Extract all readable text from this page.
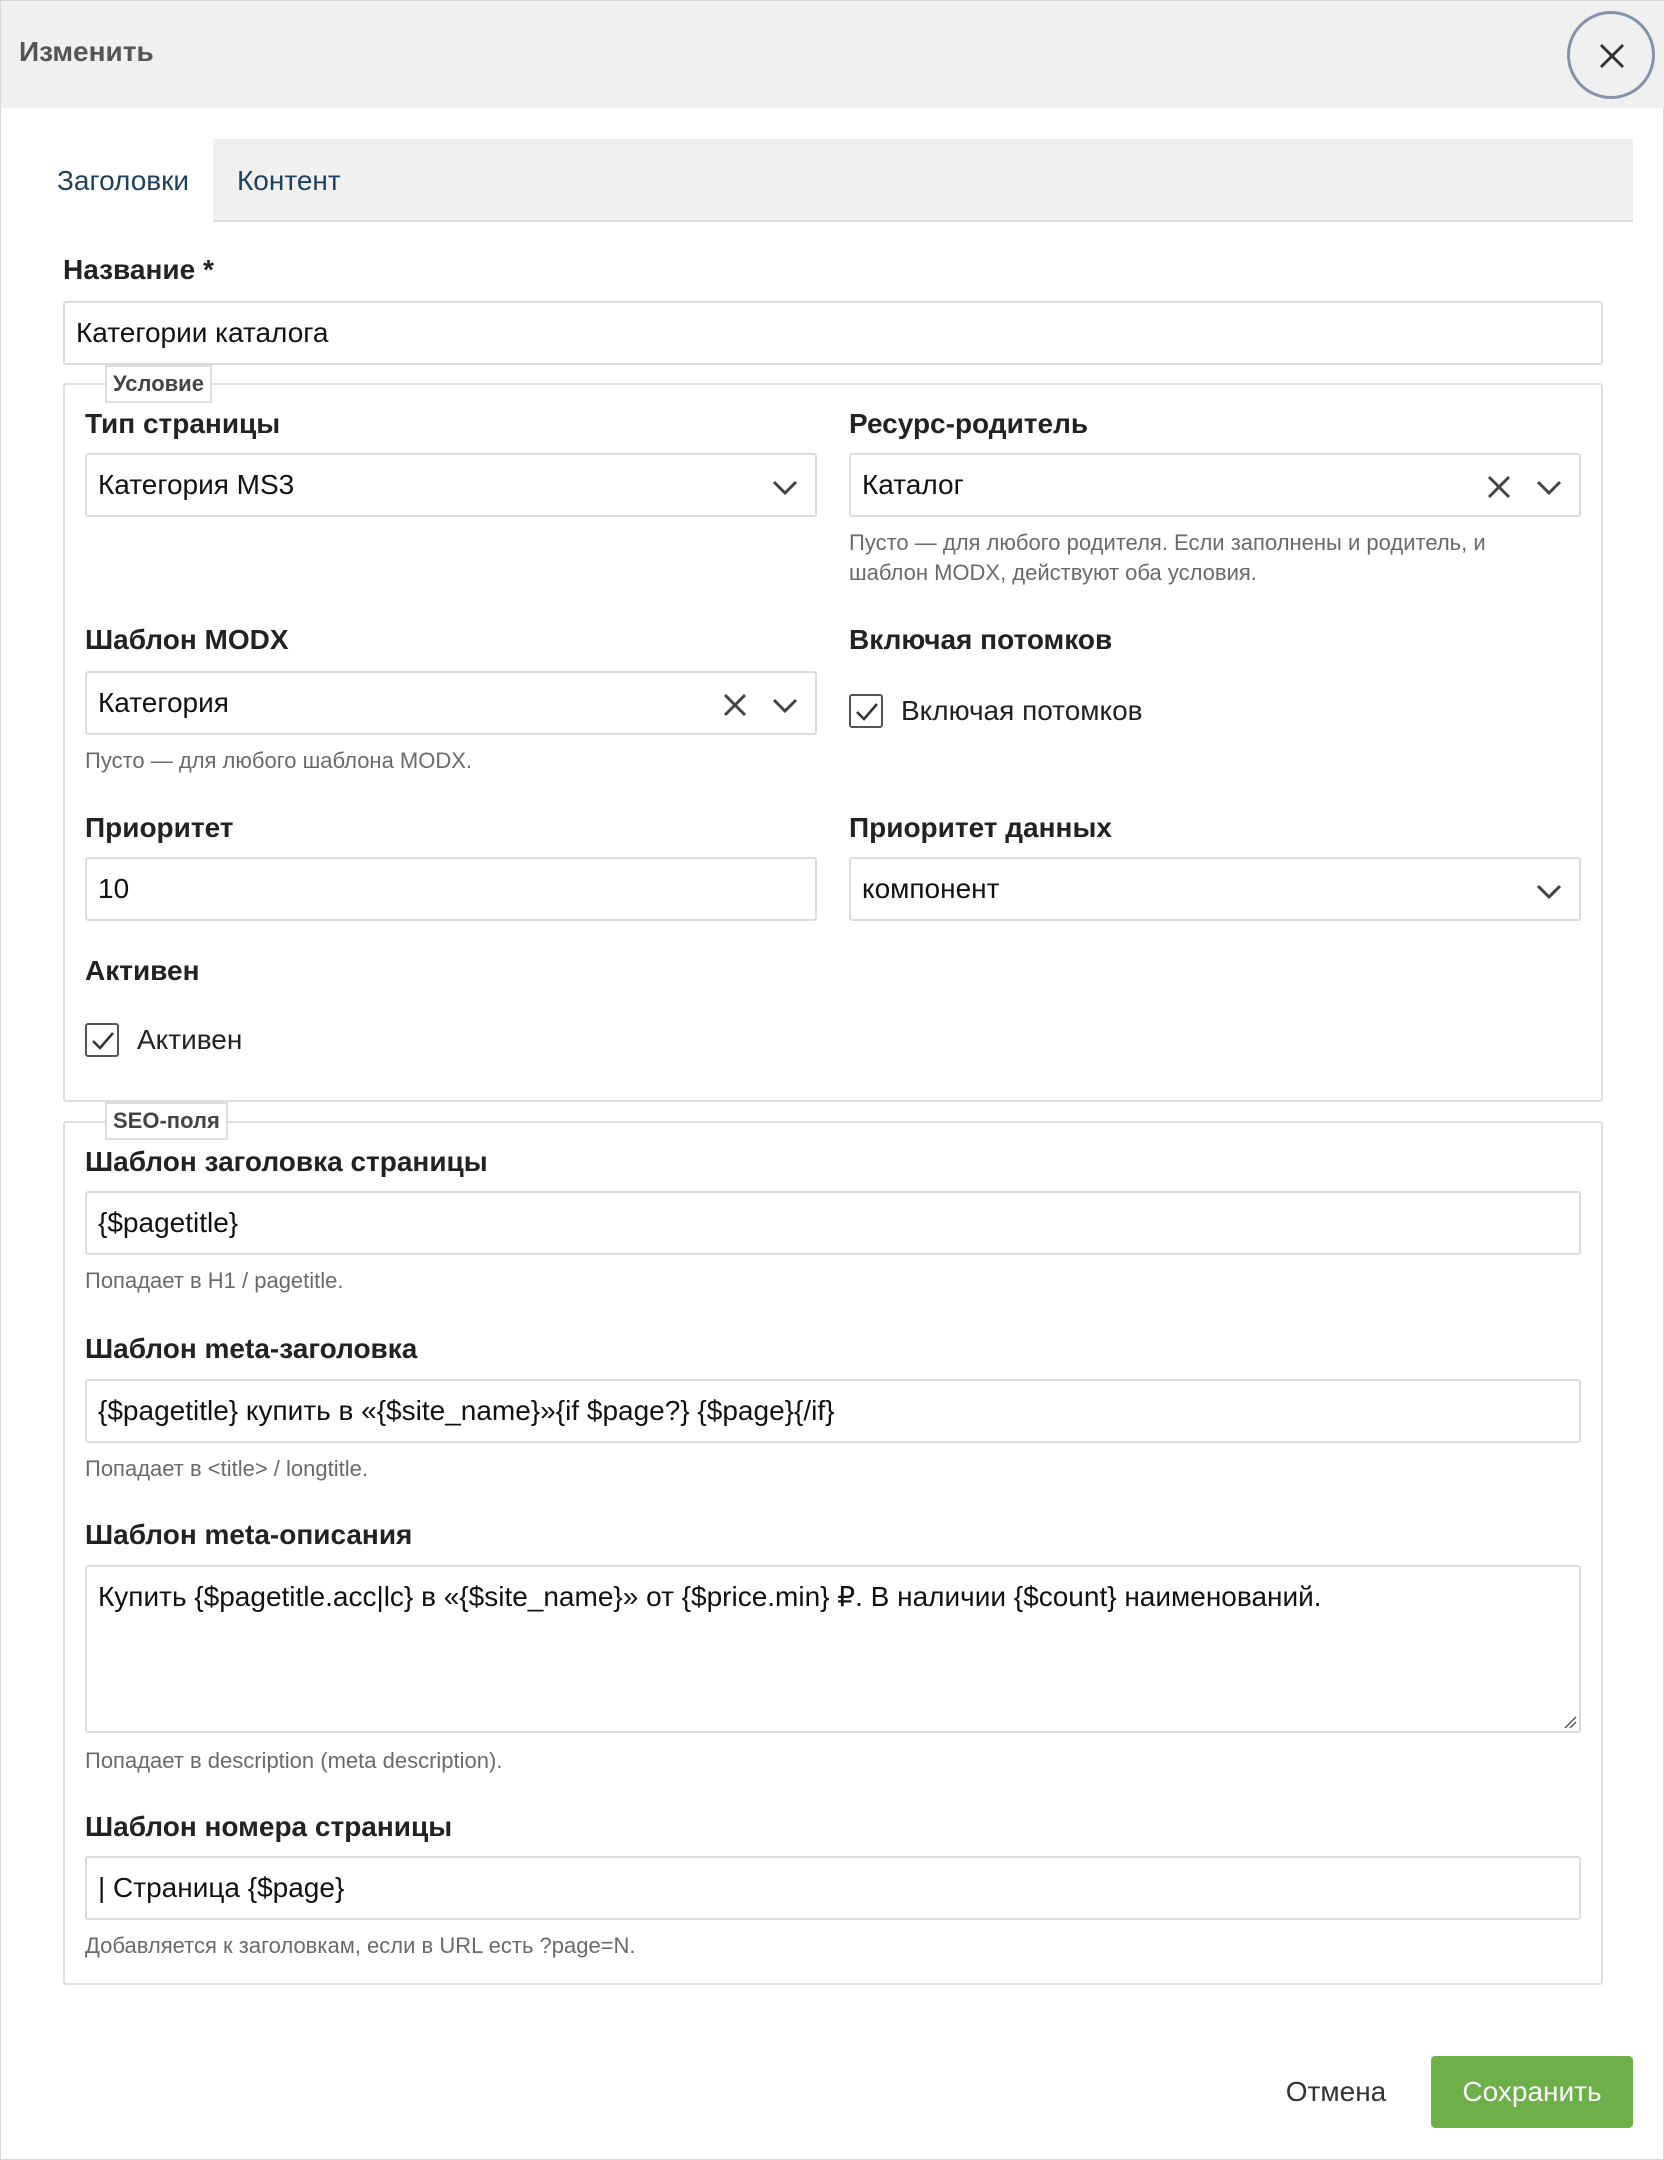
Изменить
Заголовки	Контент
Название *
Категории каталога
Условие
Тип страницы
Категория MS3
Ресурс-родитель
Каталог
Пусто — для любого родителя. Если заполнены и родитель, и
шаблон MODX, действуют оба условия.
Шаблон MODX
Категория
Пусто — для любого шаблона MODX.
Включая потомков
Включая потомков
Приоритет
10
Приоритет данных
компонент
Активен
Активен
SEO-поля
Шаблон заголовка страницы
{$pagetitle}
Попадает в H1 / pagetitle.
Шаблон meta-заголовка
{$pagetitle} купить в «{$site_name}»{if $page?} {$page}{/if}
Попадает в <title> / longtitle.
Шаблон meta-описания
Купить {$pagetitle.acc|lc} в «{$site_name}» от {$price.min} ₽. В наличии {$count} наименований.
Попадает в description (meta description).
Шаблон номера страницы
| Страница {$page}
Добавляется к заголовкам, если в URL есть ?page=N.
Отмена	Сохранить
